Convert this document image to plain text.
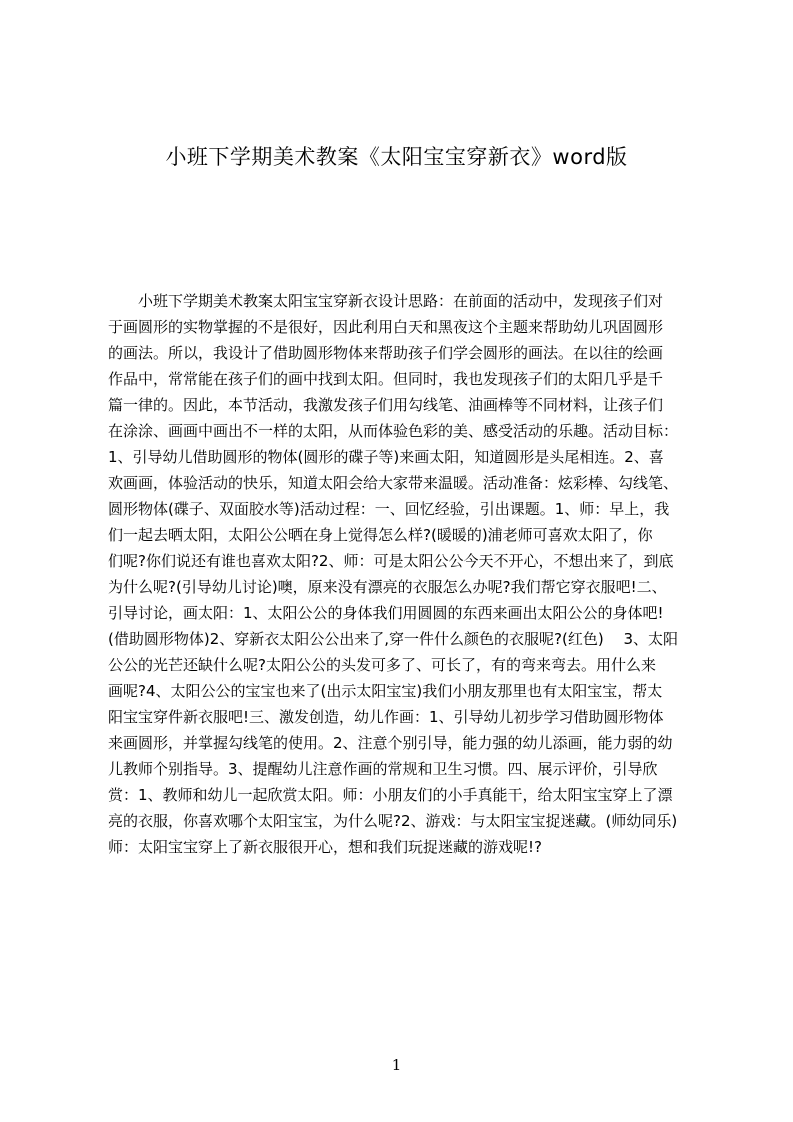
小班下学期美术教案《太阳宝宝穿新衣》word版
　　小班下学期美术教案太阳宝宝穿新衣设计思路：在前面的活动中，发现孩子们对
于画圆形的实物掌握的不是很好，因此利用白天和黑夜这个主题来帮助幼儿巩固圆形
的画法。所以，我设计了借助圆形物体来帮助孩子们学会圆形的画法。在以往的绘画
作品中，常常能在孩子们的画中找到太阳。但同时，我也发现孩子们的太阳几乎是千
篇一律的。因此，本节活动，我激发孩子们用勾线笔、油画棒等不同材料，让孩子们
在涂涂、画画中画出不一样的太阳，从而体验色彩的美、感受活动的乐趣。活动目标：
1、引导幼儿借助圆形的物体(圆形的碟子等)来画太阳，知道圆形是头尾相连。2、喜
欢画画，体验活动的快乐，知道太阳会给大家带来温暖。活动准备：炫彩棒、勾线笔、
圆形物体(碟子、双面胶水等)活动过程：一、回忆经验，引出课题。1、师：早上，我
们一起去晒太阳，太阳公公晒在身上觉得怎么样?(暖暖的)浦老师可喜欢太阳了，你
们呢?你们说还有谁也喜欢太阳?2、师：可是太阳公公今天不开心，不想出来了，到底
为什么呢?(引导幼儿讨论)噢，原来没有漂亮的衣服怎么办呢?我们帮它穿衣服吧!二、
引导讨论，画太阳：1、太阳公公的身体我们用圆圆的东西来画出太阳公公的身体吧!
(借助圆形物体)2、穿新衣太阳公公出来了,穿一件什么颜色的衣服呢?(红色)　 3、太阳
公公的光芒还缺什么呢?太阳公公的头发可多了、可长了，有的弯来弯去。用什么来
画呢?4、太阳公公的宝宝也来了(出示太阳宝宝)我们小朋友那里也有太阳宝宝，帮太
阳宝宝穿件新衣服吧!三、激发创造，幼儿作画：1、引导幼儿初步学习借助圆形物体
来画圆形，并掌握勾线笔的使用。2、注意个别引导，能力强的幼儿添画，能力弱的幼
儿教师个别指导。3、提醒幼儿注意作画的常规和卫生习惯。四、展示评价，引导欣
赏：1、教师和幼儿一起欣赏太阳。师：小朋友们的小手真能干，给太阳宝宝穿上了漂
亮的衣服，你喜欢哪个太阳宝宝，为什么呢?2、游戏：与太阳宝宝捉迷藏。(师幼同乐)
师：太阳宝宝穿上了新衣服很开心，想和我们玩捉迷藏的游戏呢!?
1
